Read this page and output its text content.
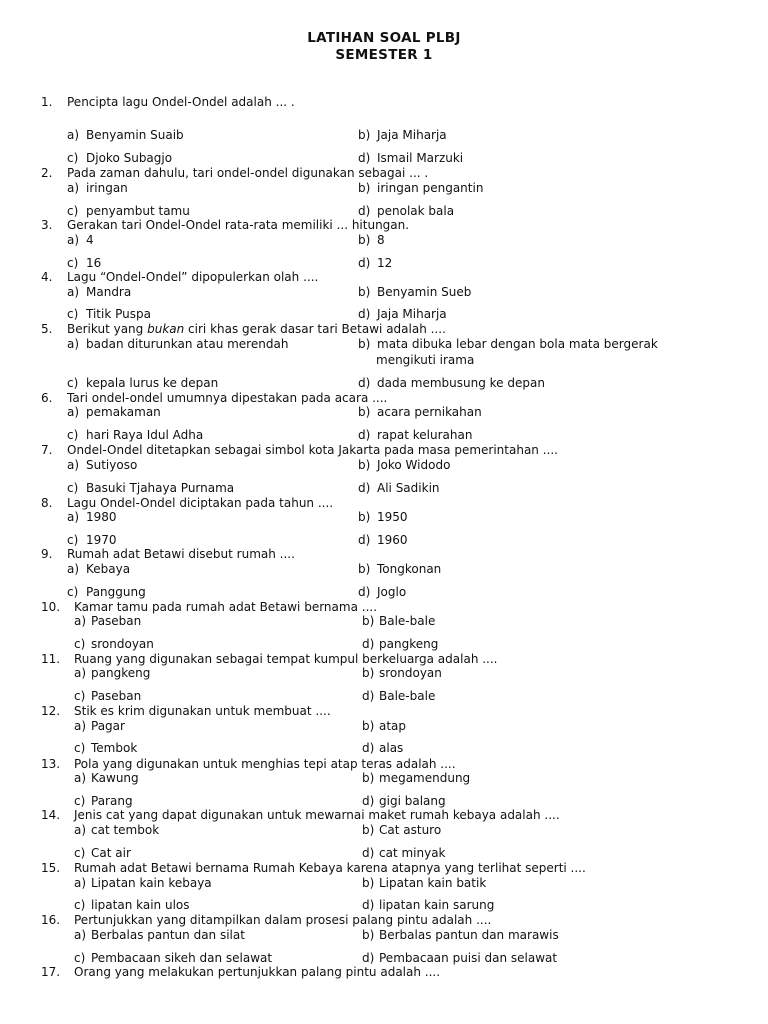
LATIHAN SOAL PLBJ
SEMESTER 1
1. Pencipta lagu Ondel-Ondel adalah ... .
a) Benyamin Suaib	b) Jaja Miharja
c) Djoko Subagjo	d) Ismail Marzuki
2. Pada zaman dahulu, tari ondel-ondel digunakan sebagai ... .
a) iringan	b) iringan pengantin
c) penyambut tamu	d) penolak bala
3. Gerakan tari Ondel-Ondel rata-rata memiliki ... hitungan.
a) 4	b) 8
c) 16	d) 12
4. Lagu “Ondel-Ondel” dipopulerkan olah ....
a) Mandra	b) Benyamin Sueb
c) Titik Puspa	d) Jaja Miharja
5. Berikut yang bukan ciri khas gerak dasar tari Betawi adalah ....
a) badan diturunkan atau merendah	b) mata dibuka lebar dengan bola mata bergerak
mengikuti irama
c) kepala lurus ke depan	d) dada membusung ke depan
6. Tari ondel-ondel umumnya dipestakan pada acara ....
a) pemakaman	b) acara pernikahan
c) hari Raya Idul Adha	d) rapat kelurahan
7. Ondel-Ondel ditetapkan sebagai simbol kota Jakarta pada masa pemerintahan ....
a) Sutiyoso	b) Joko Widodo
c) Basuki Tjahaya Purnama	d) Ali Sadikin
8. Lagu Ondel-Ondel diciptakan pada tahun ....
a) 1980	b) 1950
c) 1970	d) 1960
9. Rumah adat Betawi disebut rumah ....
a) Kebaya	b) Tongkonan
c) Panggung	d) Joglo
10. Kamar tamu pada rumah adat Betawi bernama ....
a) Paseban	b) Bale-bale
c) srondoyan	d) pangkeng
11. Ruang yang digunakan sebagai tempat kumpul berkeluarga adalah ....
a) pangkeng	b) srondoyan
c) Paseban	d) Bale-bale
12. Stik es krim digunakan untuk membuat ....
a) Pagar	b) atap
c) Tembok	d) alas
13. Pola yang digunakan untuk menghias tepi atap teras adalah ....
a) Kawung	b) megamendung
c) Parang	d) gigi balang
14. Jenis cat yang dapat digunakan untuk mewarnai maket rumah kebaya adalah ....
a) cat tembok	b) Cat asturo
c) Cat air	d) cat minyak
15. Rumah adat Betawi bernama Rumah Kebaya karena atapnya yang terlihat seperti ....
a) Lipatan kain kebaya	b) Lipatan kain batik
c) lipatan kain ulos	d) lipatan kain sarung
16. Pertunjukkan yang ditampilkan dalam prosesi palang pintu adalah ....
a) Berbalas pantun dan silat	b) Berbalas pantun dan marawis
c) Pembacaan sikeh dan selawat	d) Pembacaan puisi dan selawat
17. Orang yang melakukan pertunjukkan palang pintu adalah ....
